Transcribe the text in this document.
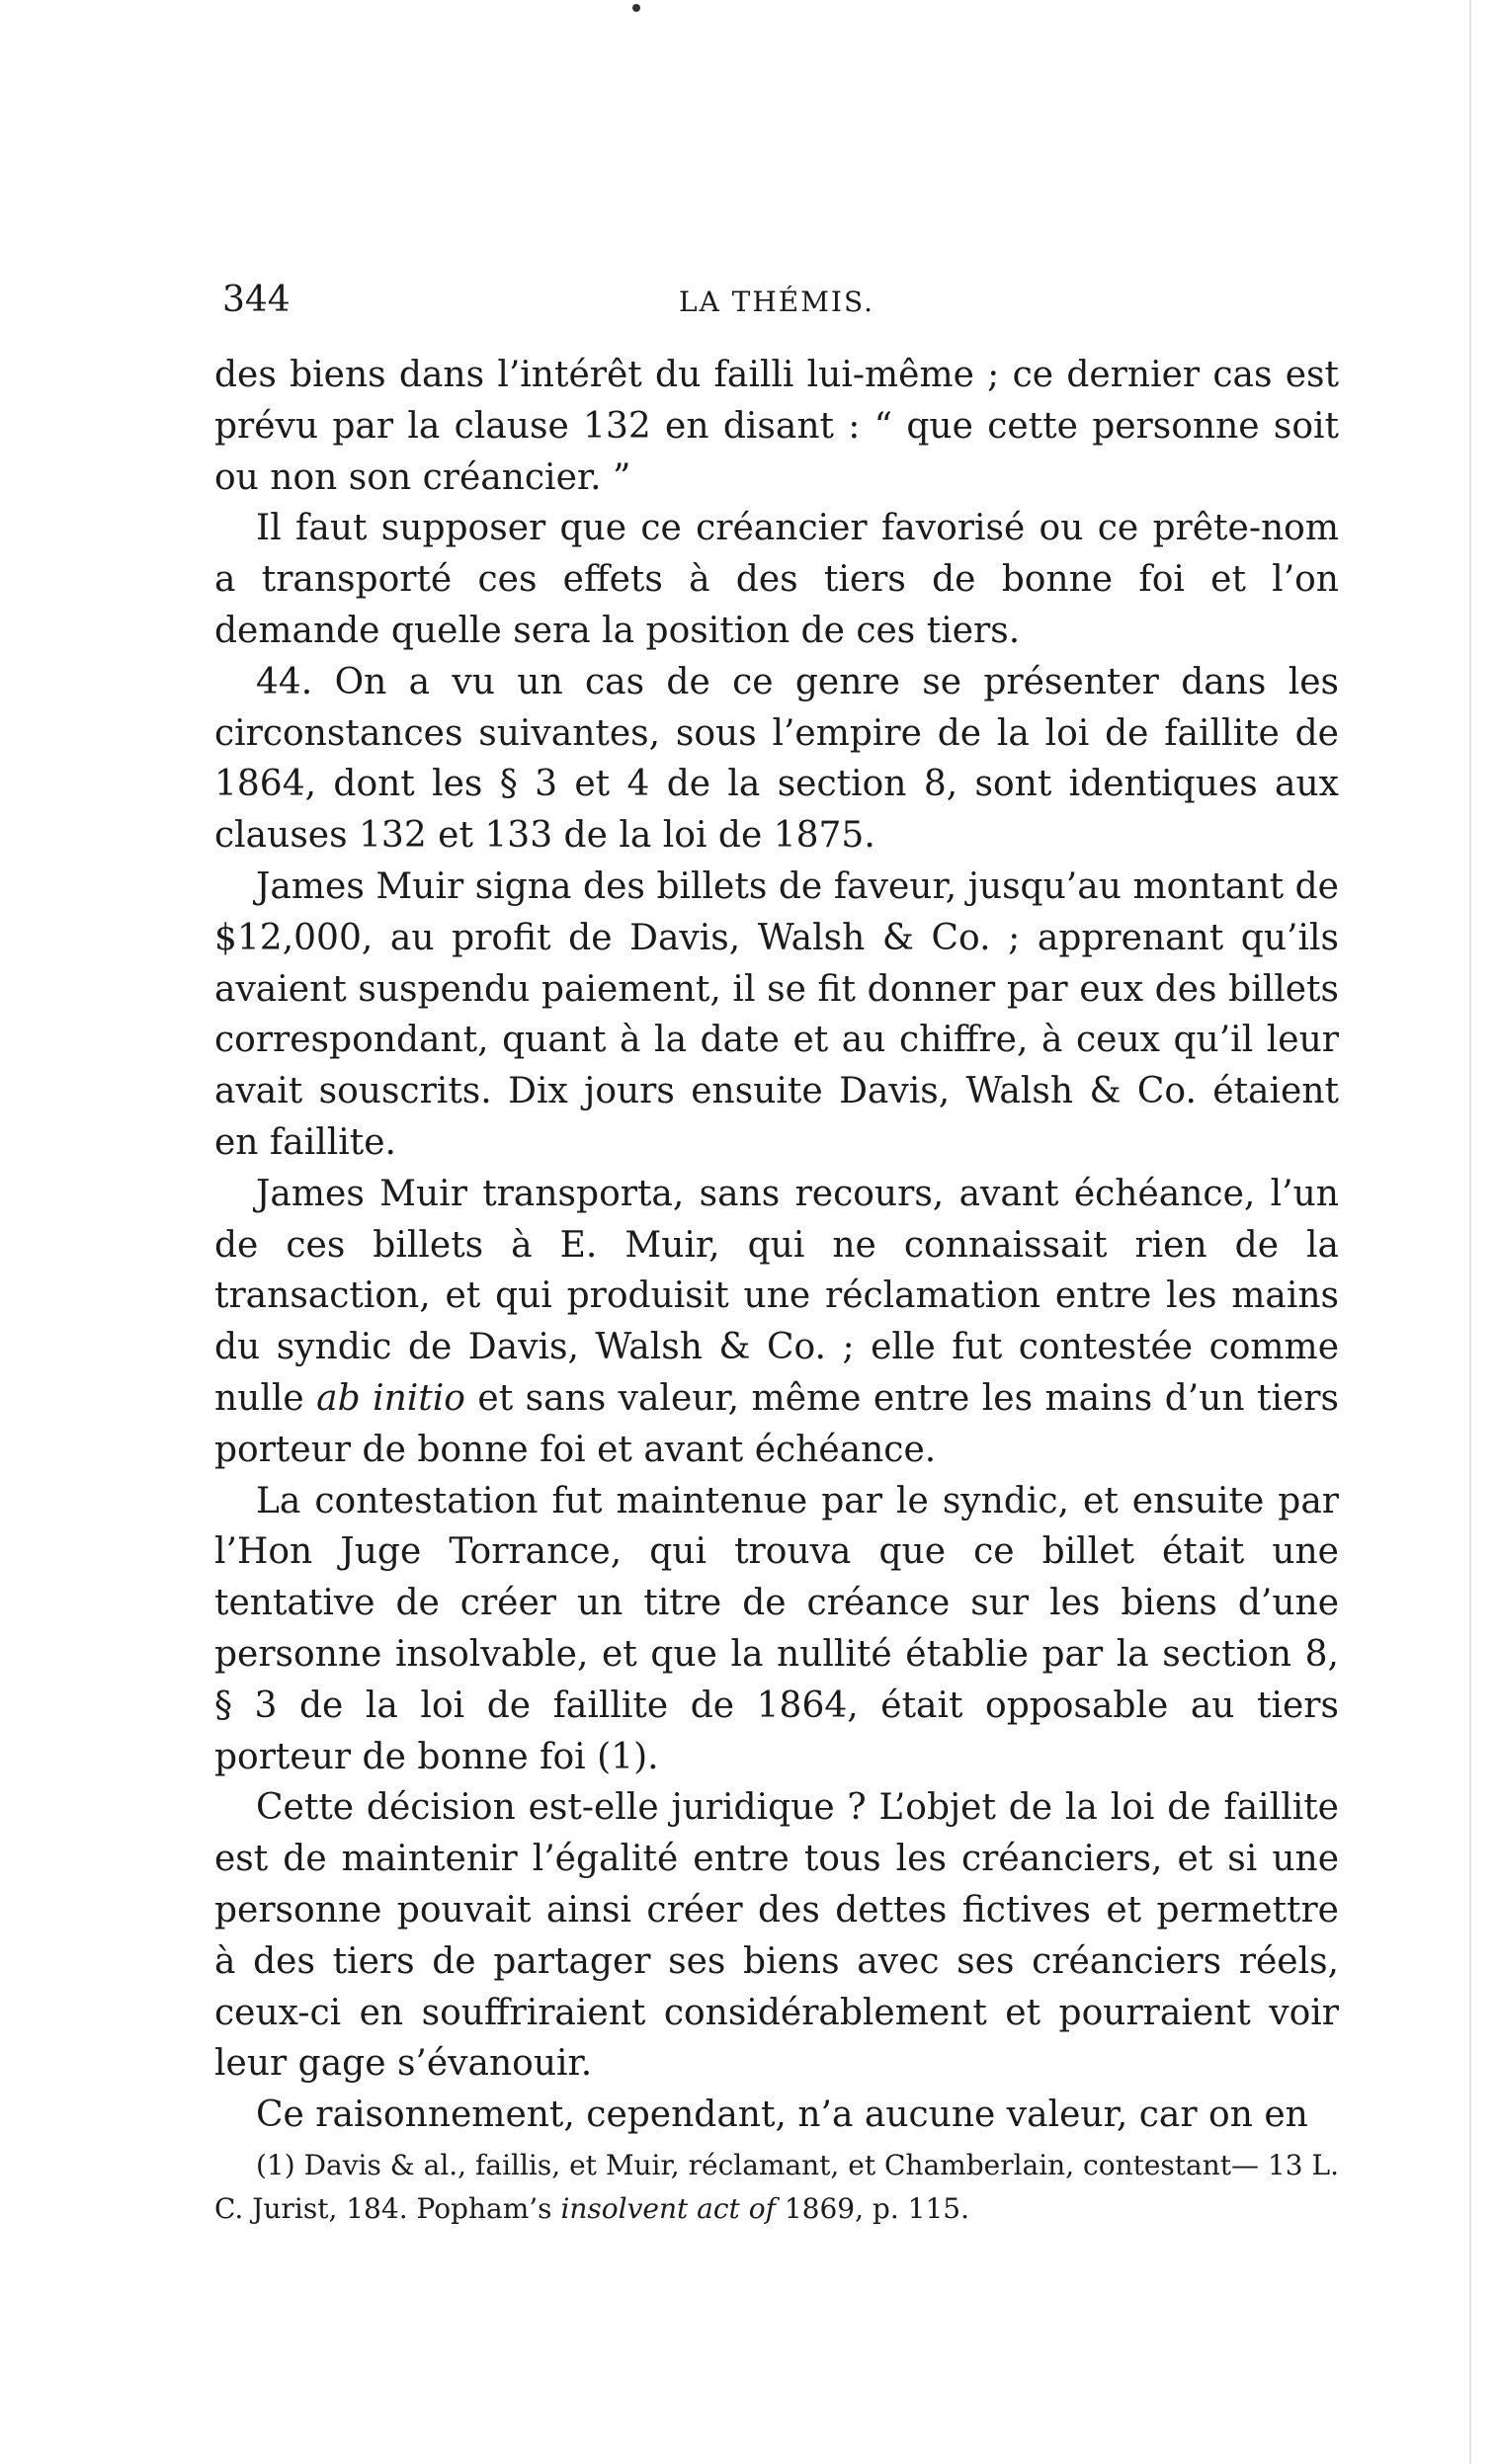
344	LA THÉMIS.

des biens dans l’intérêt du failli lui-même ; ce dernier cas est prévu par la clause 132 en disant : “ que cette personne soit ou non son créancier. ”

Il faut supposer que ce créancier favorisé ou ce prête-nom a transporté ces effets à des tiers de bonne foi et l’on demande quelle sera la position de ces tiers.

44. On a vu un cas de ce genre se présenter dans les circonstances suivantes, sous l’empire de la loi de faillite de 1864, dont les § 3 et 4 de la section 8, sont identiques aux clauses 132 et 133 de la loi de 1875.

James Muir signa des billets de faveur, jusqu’au montant de $12,000, au profit de Davis, Walsh & Co. ; apprenant qu’ils avaient suspendu paiement, il se fit donner par eux des billets correspondant, quant à la date et au chiffre, à ceux qu’il leur avait souscrits. Dix jours ensuite Davis, Walsh & Co. étaient en faillite.

James Muir transporta, sans recours, avant échéance, l’un de ces billets à E. Muir, qui ne connaissait rien de la transaction, et qui produisit une réclamation entre les mains du syndic de Davis, Walsh & Co. ; elle fut contestée comme nulle ab initio et sans valeur, même entre les mains d’un tiers porteur de bonne foi et avant échéance.

La contestation fut maintenue par le syndic, et ensuite par l’Hon Juge Torrance, qui trouva que ce billet était une tentative de créer un titre de créance sur les biens d’une personne insolvable, et que la nullité établie par la section 8, § 3 de la loi de faillite de 1864, était opposable au tiers porteur de bonne foi (1).

Cette décision est-elle juridique ? L’objet de la loi de faillite est de maintenir l’égalité entre tous les créanciers, et si une personne pouvait ainsi créer des dettes fictives et permettre à des tiers de partager ses biens avec ses créanciers réels, ceux-ci en souffriraient considérablement et pourraient voir leur gage s’évanouir.

Ce raisonnement, cependant, n’a aucune valeur, car on en

(1) Davis & al., faillis, et Muir, réclamant, et Chamberlain, contestant— 13 L. C. Jurist, 184. Popham’s insolvent act of 1869, p. 115.
